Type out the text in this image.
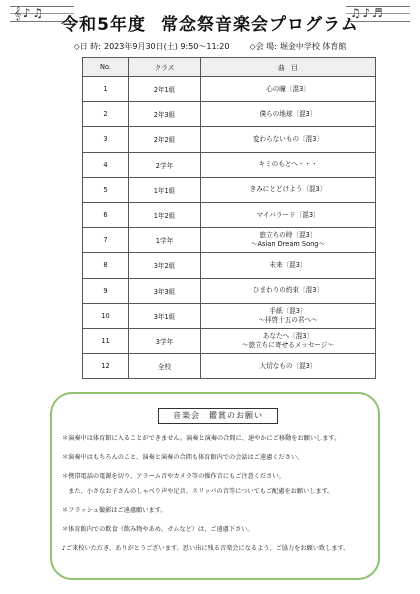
𝄞 ♪ ♫	♫ ♪ ♬
令和5年度 常念祭音楽会プログラム
◇日 時: 2023年9月30日(土) 9:50～11:20	◇会 場: 堀金中学校 体育館
No.	クラス	曲　目
1	2年1組	心の瞳〔混3〕

2	2年3組	僕らの地球〔混3〕

3	2年2組	変わらないもの〔混3〕

4	2学年	キミのもとへ・・・

5	1年1組	きみにとどけよう〔混3〕

6	1年2組	マイバラード〔混3〕

7	1学年	旅立ちの時〔混3〕
～Asian Dream Song～

8	3年2組	未来〔混3〕

9	3年3組	ひまわりの約束〔混3〕

10	3年1組	手紙〔混3〕
～拝啓十五の君へ～

11	3学年	あなたへ〔混3〕
～旅立ちに寄せるメッセージ～

12	全校	大切なもの〔混3〕
音楽会　鑑賞のお願い
＊演奏中は体育館に入ることができません。演奏と演奏の合間に、速やかにご移動をお願いします。
＊演奏中はもちろんのこと、演奏と演奏の合間も体育館内での会話はご遠慮ください。
＊携帯電話の電源を切り、アラーム音やカメラ等の操作音にもご注意ください。
　また、小さなお子さんのしゃべり声や足音、スリッパの音等についてもご配慮をお願いします。
＊フラッシュ撮影はご遠慮願います。
＊体育館内での飲食（飲み物やあめ、ガムなど）は、ご遠慮下さい。
♪ご来校いただき、ありがとうございます。思い出に残る音楽会になるよう、ご協力をお願い致します。
